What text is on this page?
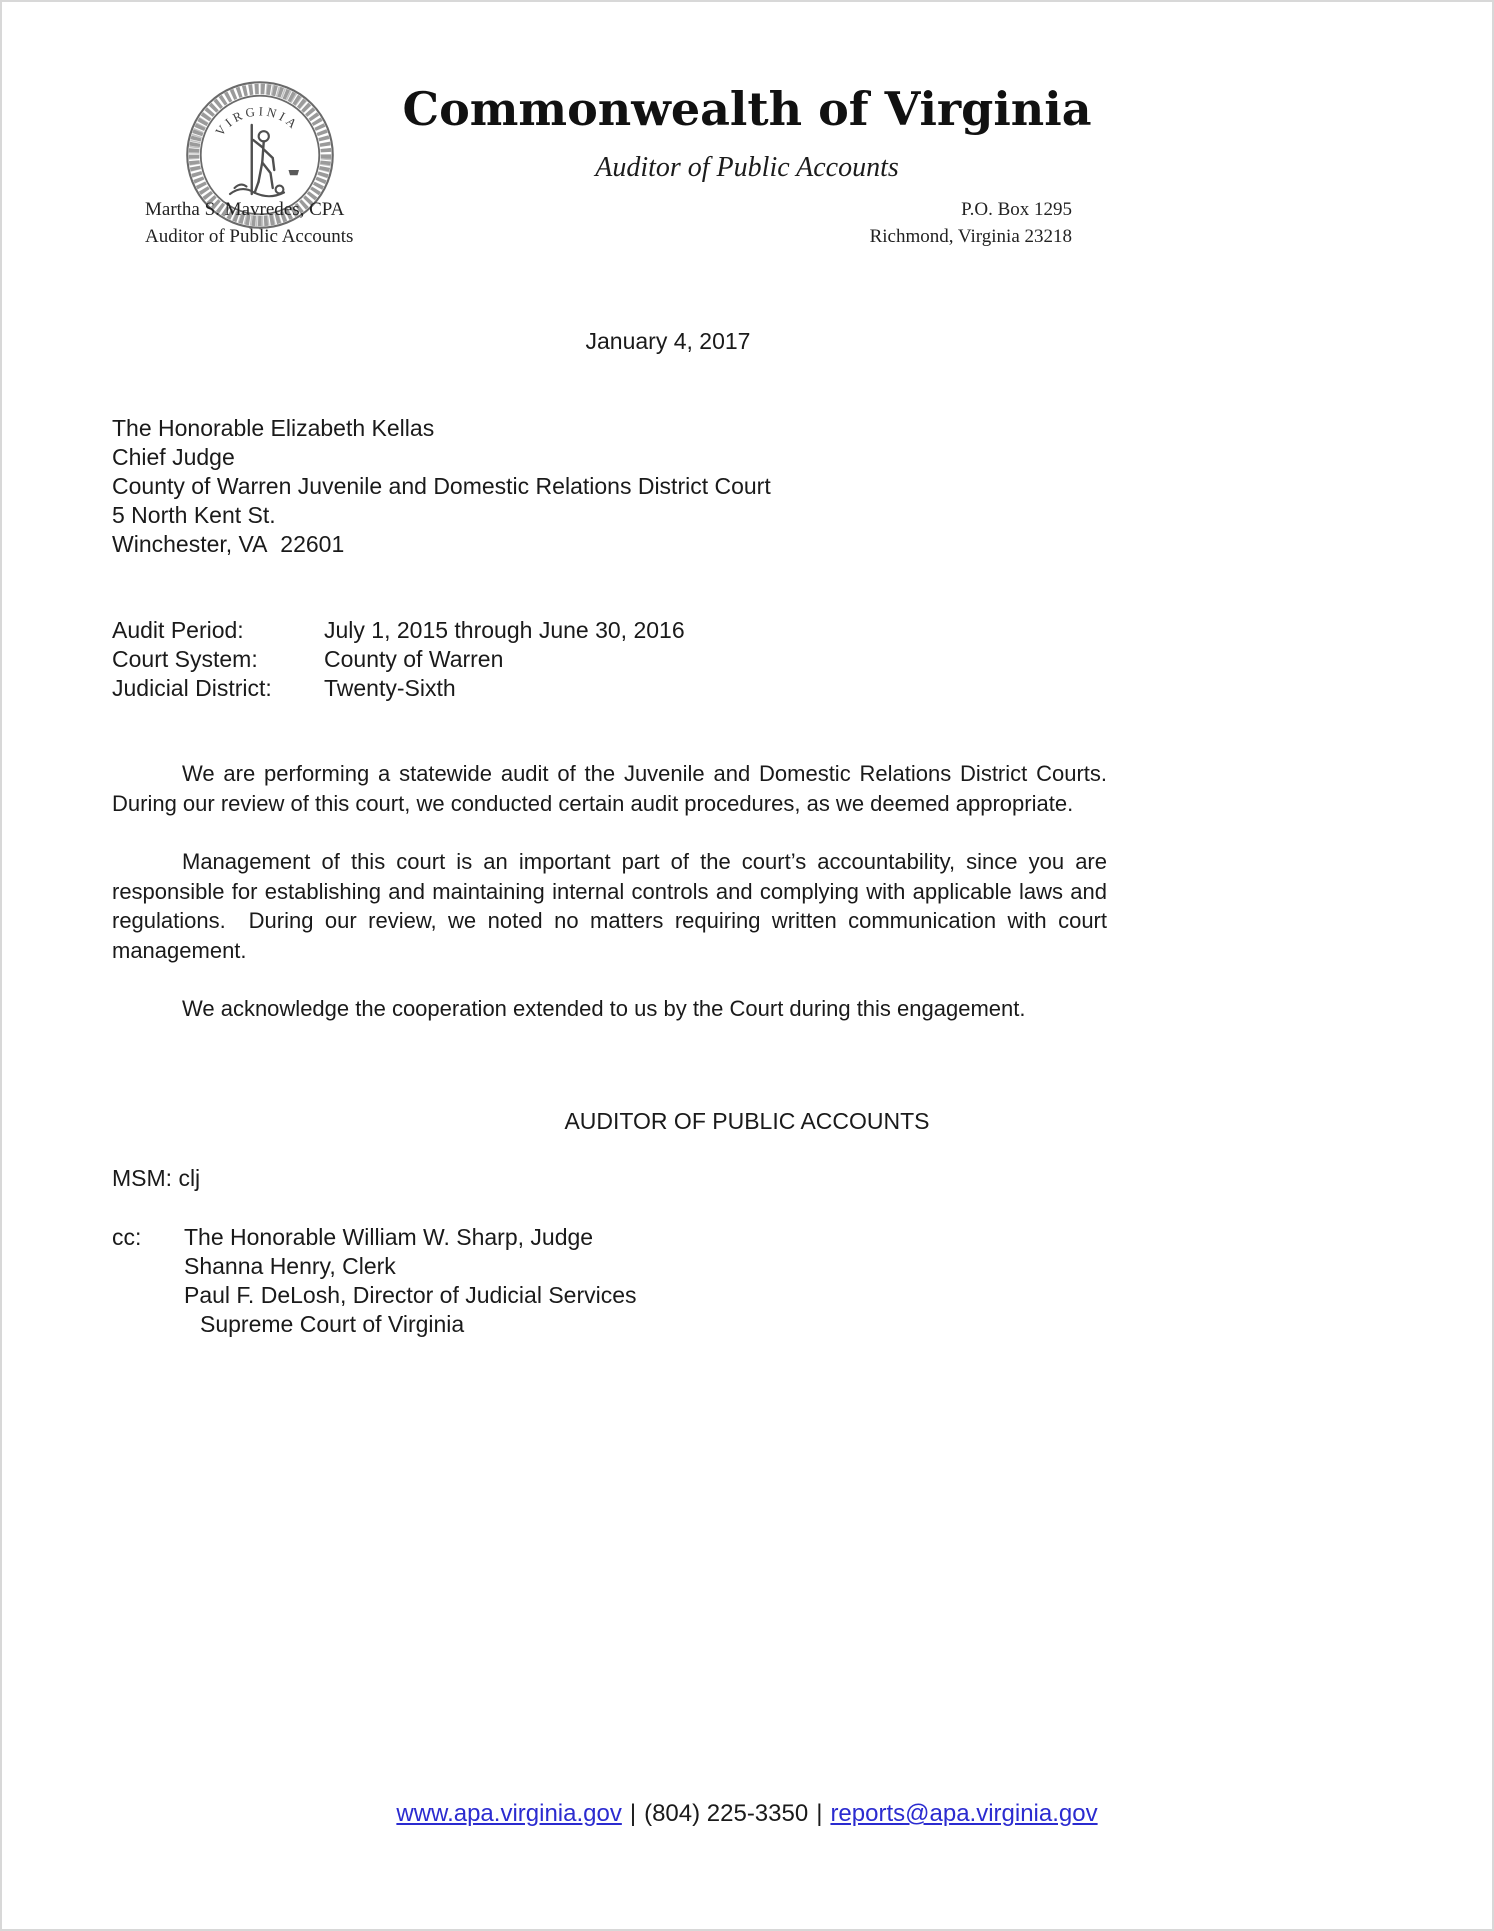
VIRGINIA	Commonwealth of Virginia
Auditor of Public Accounts
Martha S. Mavredes, CPA
Auditor of Public Accounts
P.O. Box 1295
Richmond, Virginia 23218
January 4, 2017
The Honorable Elizabeth Kellas
Chief Judge
County of Warren Juvenile and Domestic Relations District Court
5 North Kent St.
Winchester, VA  22601
Audit Period:	July 1, 2015 through June 30, 2016
Court System:	County of Warren
Judicial District:	Twenty-Sixth

We are performing a statewide audit of the Juvenile and Domestic Relations District Courts. During our review of this court, we conducted certain audit procedures, as we deemed appropriate.

Management of this court is an important part of the court’s accountability, since you are responsible for establishing and maintaining internal controls and complying with applicable laws and regulations.  During our review, we noted no matters requiring written communication with court management.

We acknowledge the cooperation extended to us by the Court during this engagement.

AUDITOR OF PUBLIC ACCOUNTS
MSM: clj
cc:	The Honorable William W. Sharp, Judge
Shanna Henry, Clerk
Paul F. DeLosh, Director of Judicial Services
Supreme Court of Virginia
www.apa.virginia.gov | (804) 225-3350 | reports@apa.virginia.gov
